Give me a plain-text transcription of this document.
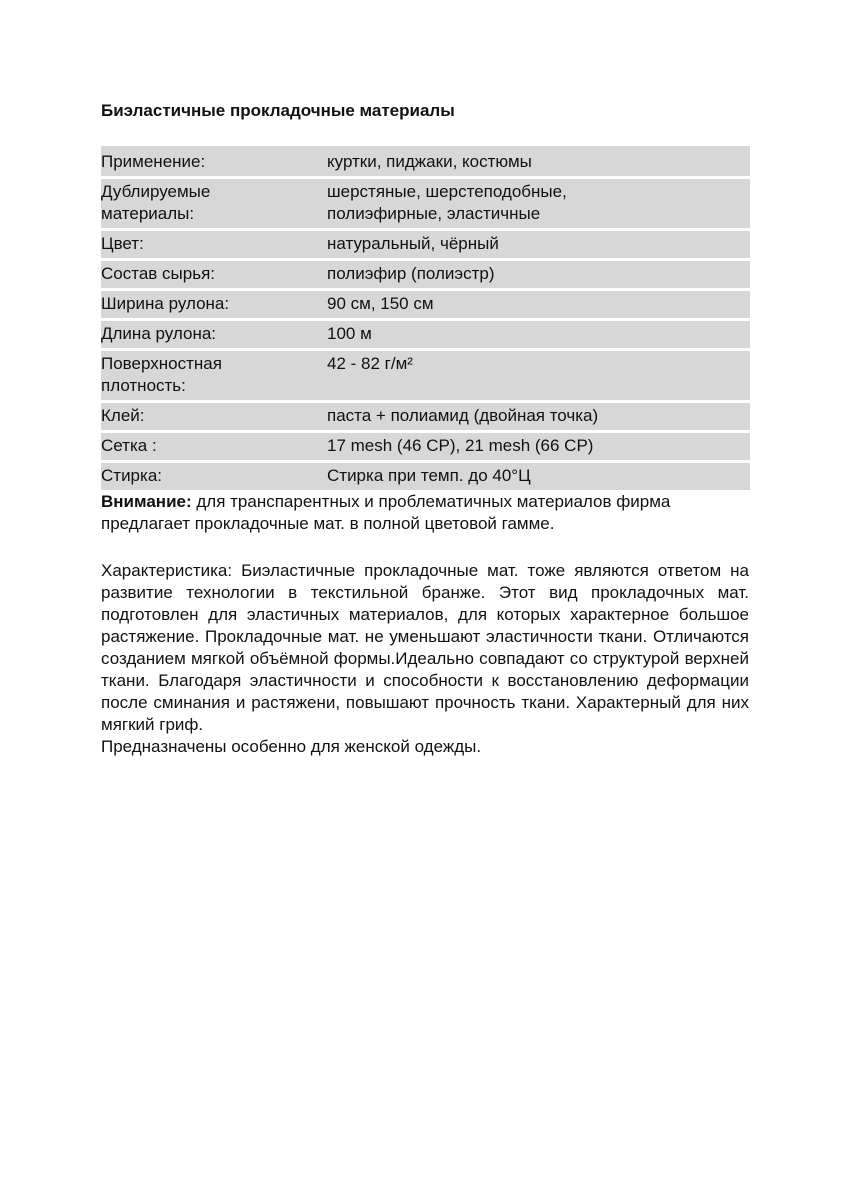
Биэластичные прокладочные материалы
Применение:	куртки, пиджаки, костюмы
Дублируемые
материалы:	шерстяные, шерстеподобные,
полиэфирные, эластичные
Цвет:	натуральный, чёрный
Состав сырья:	полиэфир (полиэстр)
Ширина рулона:	90 см, 150 см
Длина рулона:	100 м
Поверхностная
плотность:	42 - 82 г/м²
Клей:	паста + полиамид (двойная точка)
Сетка :	17 mesh (46 CP), 21 mesh (66 CP)
Стирка:	Стирка при темп. до 40°Ц

Внимание: для транспарентных и проблематичных материалов фирма предлагает прокладочные мат. в полной цветовой гамме.

Характеристика: Биэластичные прокладочные мат. тоже являются ответом на развитие технологии в текстильной бранже. Этот вид прокладочных мат. подготовлен для эластичных материалов, для которых характерное большое растяжение. Прокладочные мат. не уменьшают эластичности ткани. Отличаются созданием мягкой объёмной формы.Идеально совпадают со структурой верхней ткани. Благодаря эластичности и способности к восстановлению деформации после сминания и растяжени, повышают прочность ткани. Характерный для них мягкий гриф.

Предназначены особенно для женской одежды.
